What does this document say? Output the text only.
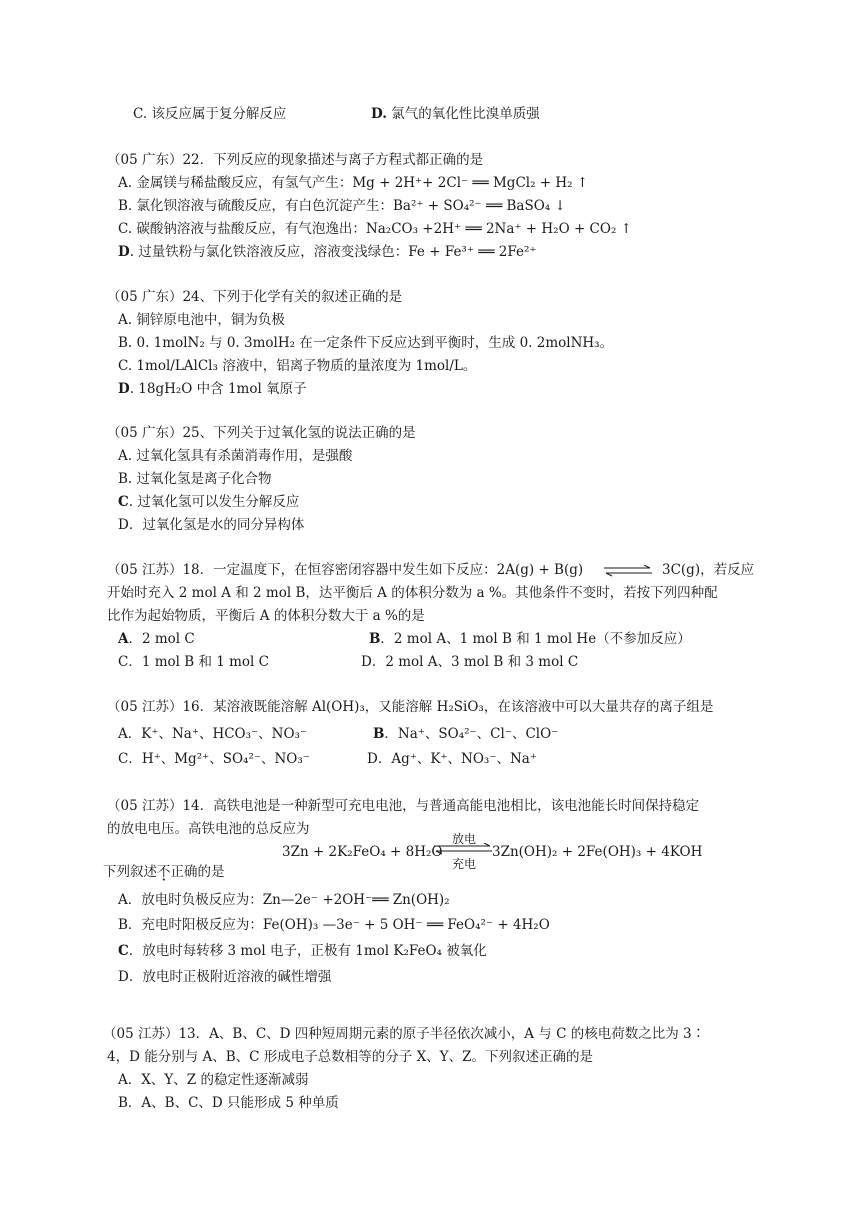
C. 该反应属于复分解反应	D. 氯气的氧化性比溴单质强
（05 广东）22．下列反应的现象描述与离子方程式都正确的是
A. 金属镁与稀盐酸反应，有氢气产生：Mg + 2H⁺+ 2Cl⁻ ══ MgCl₂ + H₂ ↑
B. 氯化钡溶液与硫酸反应，有白色沉淀产生：Ba²⁺ + SO₄²⁻ ══ BaSO₄ ↓
C. 碳酸钠溶液与盐酸反应，有气泡逸出：Na₂CO₃ +2H⁺ ══ 2Na⁺ + H₂O + CO₂ ↑
D. 过量铁粉与氯化铁溶液反应，溶液变浅绿色：Fe + Fe³⁺ ══ 2Fe²⁺
（05 广东）24、下列于化学有关的叙述正确的是
A. 铜锌原电池中，铜为负极
B. 0. 1molN₂ 与 0. 3molH₂ 在一定条件下反应达到平衡时，生成 0. 2molNH₃。
C. 1mol/LAlCl₃ 溶液中，铝离子物质的量浓度为 1mol/L。
D. 18gH₂O 中含 1mol 氧原子
（05 广东）25、下列关于过氧化氢的说法正确的是
A. 过氧化氢具有杀菌消毒作用，是强酸
B. 过氧化氢是离子化合物
C. 过氧化氢可以发生分解反应
D．过氧化氢是水的同分异构体
（05 江苏）18．一定温度下，在恒容密闭容器中发生如下反应：2A(g) + B(g) ⇌ 3C(g)，若反应
开始时充入 2 mol A 和 2 mol B，达平衡后 A 的体积分数为 a %。其他条件不变时，若按下列四种配
比作为起始物质，平衡后 A 的体积分数大于 a %的是
A．2 mol C	B．2 mol A、1 mol B 和 1 mol He（不参加反应）
C．1 mol B 和 1 mol C	D．2 mol A、3 mol B 和 3 mol C
（05 江苏）16．某溶液既能溶解 Al(OH)₃，又能溶解 H₂SiO₃，在该溶液中可以大量共存的离子组是
A．K⁺、Na⁺、HCO₃⁻、NO₃⁻	B．Na⁺、SO₄²⁻、Cl⁻、ClO⁻
C．H⁺、Mg²⁺、SO₄²⁻、NO₃⁻	D．Ag⁺、K⁺、NO₃⁻、Na⁺
（05 江苏）14．高铁电池是一种新型可充电电池，与普通高能电池相比，该电池能长时间保持稳定
的放电电压。高铁电池的总反应为
3Zn + 2K₂FeO₄ + 8H₂O
放电
充电
3Zn(OH)₂ + 2Fe(OH)₃ + 4KOH
下列叙述不正确的是
A．放电时负极反应为：Zn—2e⁻ +2OH⁻══ Zn(OH)₂
B．充电时阳极反应为：Fe(OH)₃ —3e⁻ + 5 OH⁻ ══ FeO₄²⁻ + 4H₂O
C．放电时每转移 3 mol 电子，正极有 1mol K₂FeO₄ 被氧化
D．放电时正极附近溶液的碱性增强
（05 江苏）13．A、B、C、D 四种短周期元素的原子半径依次减小，A 与 C 的核电荷数之比为 3∶
4，D 能分别与 A、B、C 形成电子总数相等的分子 X、Y、Z。下列叙述正确的是
A．X、Y、Z 的稳定性逐渐减弱
B．A、B、C、D 只能形成 5 种单质
